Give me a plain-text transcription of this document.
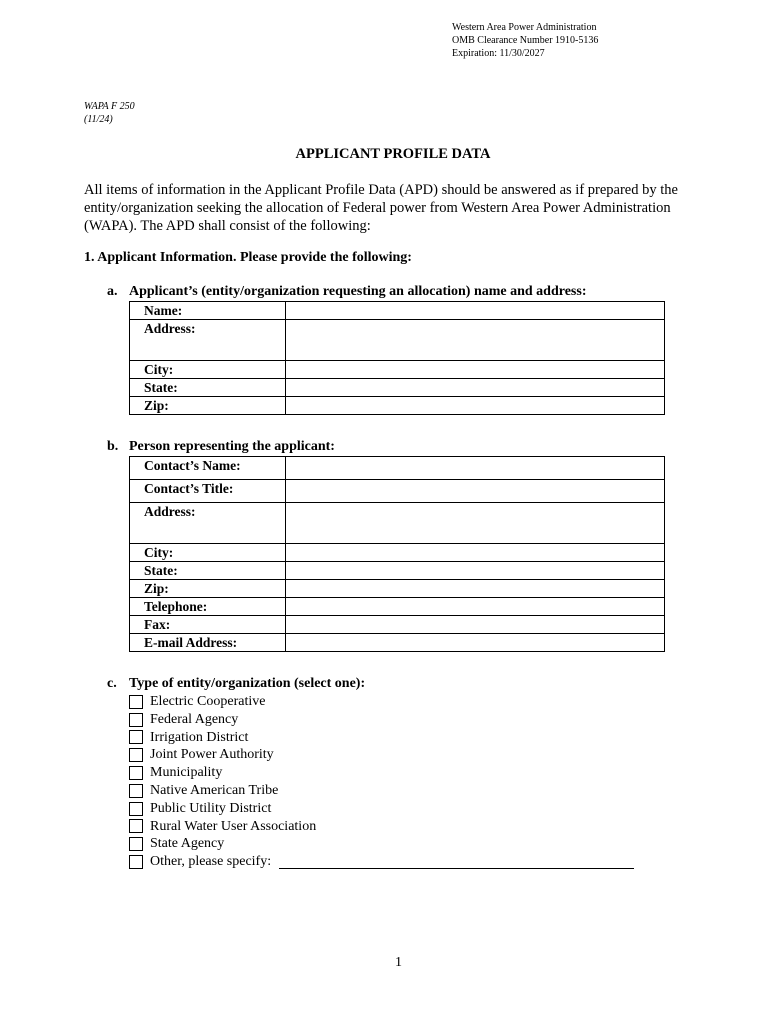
Western Area Power Administration
OMB Clearance Number 1910-5136
Expiration: 11/30/2027
WAPA F 250
(11/24)
APPLICANT PROFILE DATA
All items of information in the Applicant Profile Data (APD) should be answered as if prepared by the entity/organization seeking the allocation of Federal power from Western Area Power Administration (WAPA). The APD shall consist of the following:
1. Applicant Information. Please provide the following:
a. Applicant’s (entity/organization requesting an allocation) name and address:
Name:	
Address:	
City:	
State:	
Zip:	
b. Person representing the applicant:
Contact’s Name:	
Contact’s Title:	
Address:	
City:	
State:	
Zip:	
Telephone:	
Fax:	
E-mail Address:	
c. Type of entity/organization (select one):
Electric Cooperative
Federal Agency
Irrigation District
Joint Power Authority
Municipality
Native American Tribe
Public Utility District
Rural Water User Association
State Agency
Other, please specify:
1
